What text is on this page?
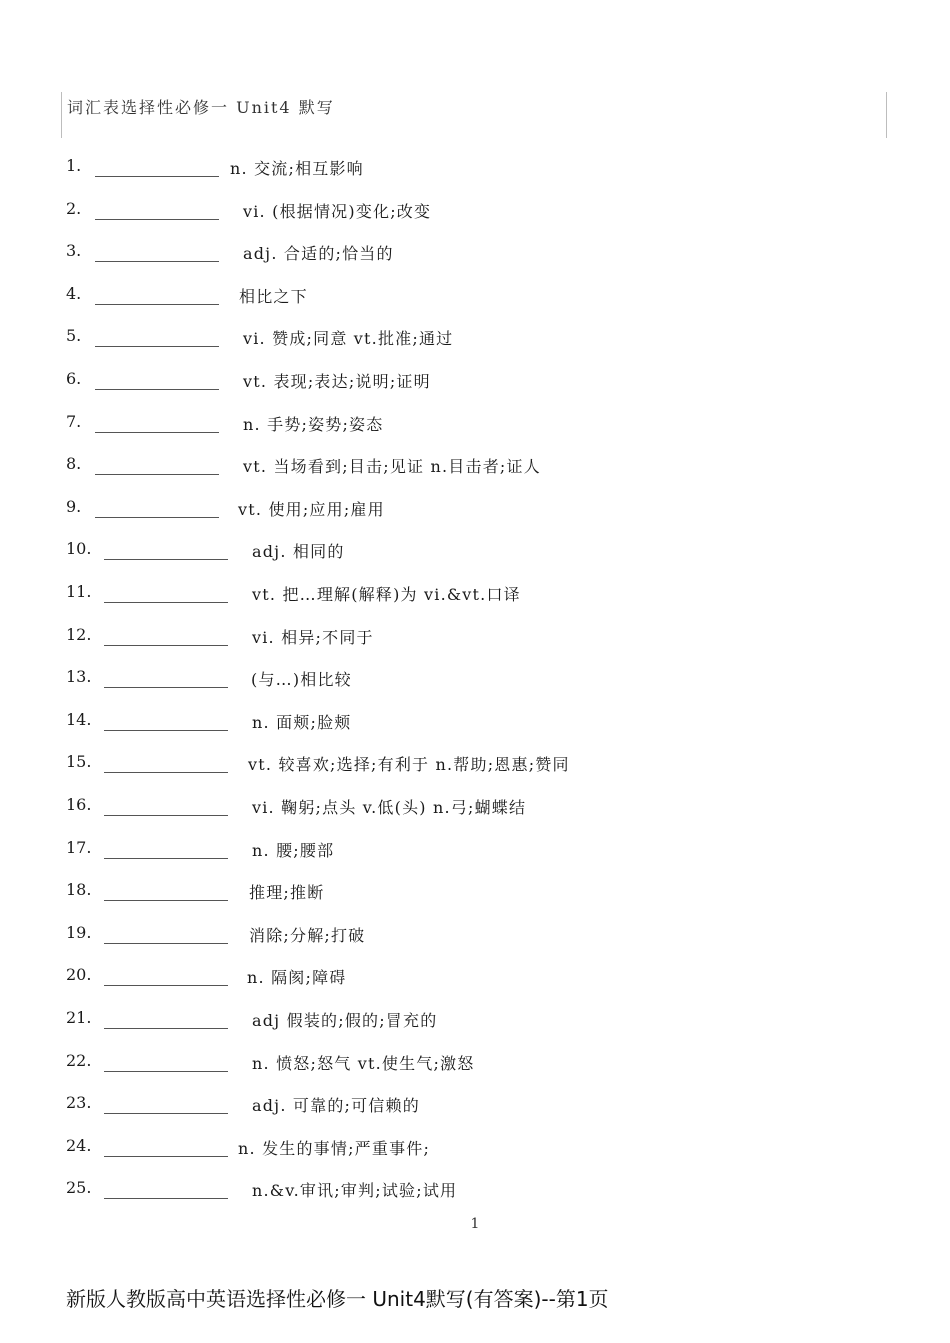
词汇表选择性必修一 Unit4 默写
1.	n. 交流;相互影响
2.	vi. (根据情况)变化;改变
3.	adj. 合适的;恰当的
4.	相比之下
5.	vi. 赞成;同意 vt.批准;通过
6.	vt. 表现;表达;说明;证明
7.	n. 手势;姿势;姿态
8.	vt. 当场看到;目击;见证 n.目击者;证人
9.	vt. 使用;应用;雇用
10.	adj. 相同的
11.	vt. 把…理解(解释)为 vi.&vt.口译
12.	vi. 相异;不同于
13.	(与…)相比较
14.	n. 面颊;脸颊
15.	vt. 较喜欢;选择;有利于 n.帮助;恩惠;赞同
16.	vi. 鞠躬;点头 v.低(头) n.弓;蝴蝶结
17.	n. 腰;腰部
18.	推理;推断
19.	消除;分解;打破
20.	n. 隔阂;障碍
21.	adj 假装的;假的;冒充的
22.	n. 愤怒;怒气 vt.使生气;激怒
23.	adj. 可靠的;可信赖的
24.	n. 发生的事情;严重事件;
25.	n.&v.审讯;审判;试验;试用
1
新版人教版高中英语选择性必修一 Unit4默写(有答案)--第1页
